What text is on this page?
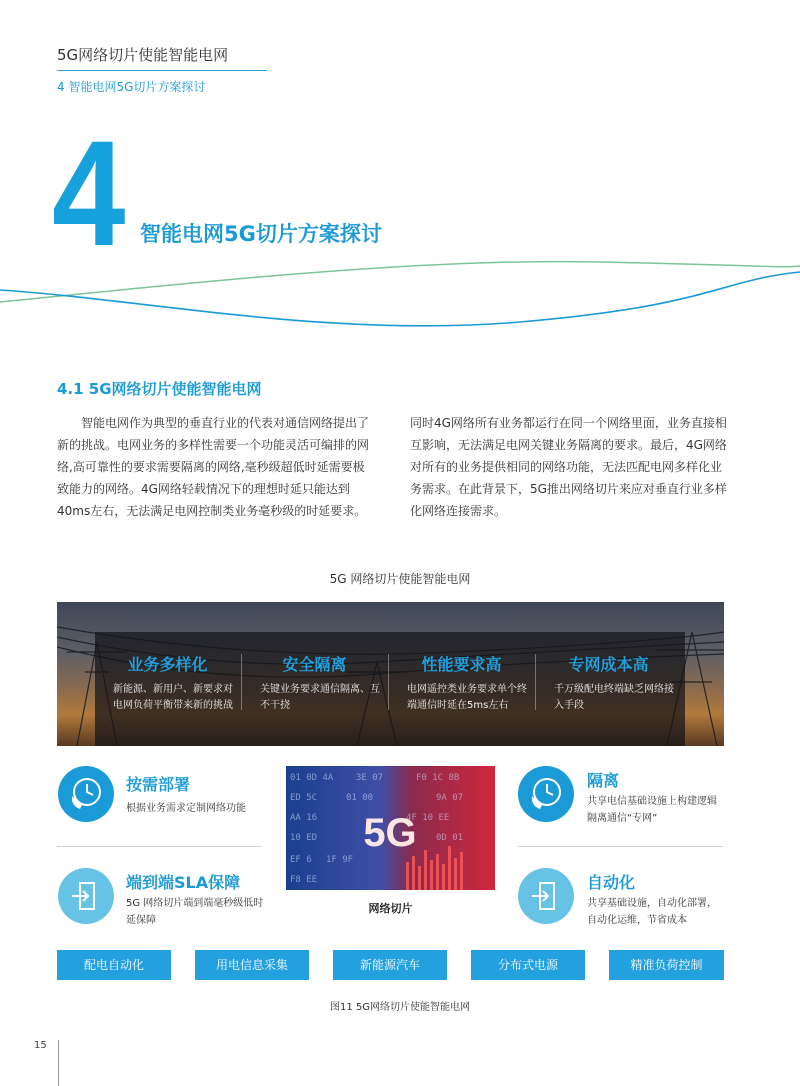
5G网络切片使能智能电网
4 智能电网5G切片方案探讨
4 智能电网5G切片方案探讨
4.1 5G网络切片使能智能电网
智能电网作为典型的垂直行业的代表对通信网络提出了新的挑战。电网业务的多样性需要一个功能灵活可编排的网络,高可靠性的要求需要隔离的网络,毫秒级超低时延需要极致能力的网络。4G网络轻载情况下的理想时延只能达到40ms左右，无法满足电网控制类业务毫秒级的时延要求。
同时4G网络所有业务都运行在同一个网络里面，业务直接相互影响，无法满足电网关键业务隔离的要求。最后，4G网络对所有的业务提供相同的网络功能，无法匹配电网多样化业务需求。在此背景下，5G推出网络切片来应对垂直行业多样化网络连接需求。
5G 网络切片使能智能电网
业务多样化
新能源、新用户、新要求对电网负荷平衡带来新的挑战
安全隔离
关键业务要求通信隔离、互不干挠
性能要求高
电网遥控类业务要求单个终端通信时延在5ms左右
专网成本高
千万级配电终端缺乏网络接入手段
按需部署
根据业务需求定制网络功能
端到端SLA保障
5G 网络切片端到端毫秒级低时延保障
01 0D 4A	3E 07	F0 1C 8B
ED 5C	01 00	9A 07
AA 16	4F 10 EE
10 ED	0D 01
EF 6 1F 9F
F8 EE
5G
网络切片
隔离
共享电信基础设施上构建逻辑隔离通信“专网”
自动化
共享基础设施，自动化部署，自动化运维，节省成本
配电自动化	用电信息采集	新能源汽车	分布式电源	精准负荷控制
图11 5G网络切片使能智能电网
15
